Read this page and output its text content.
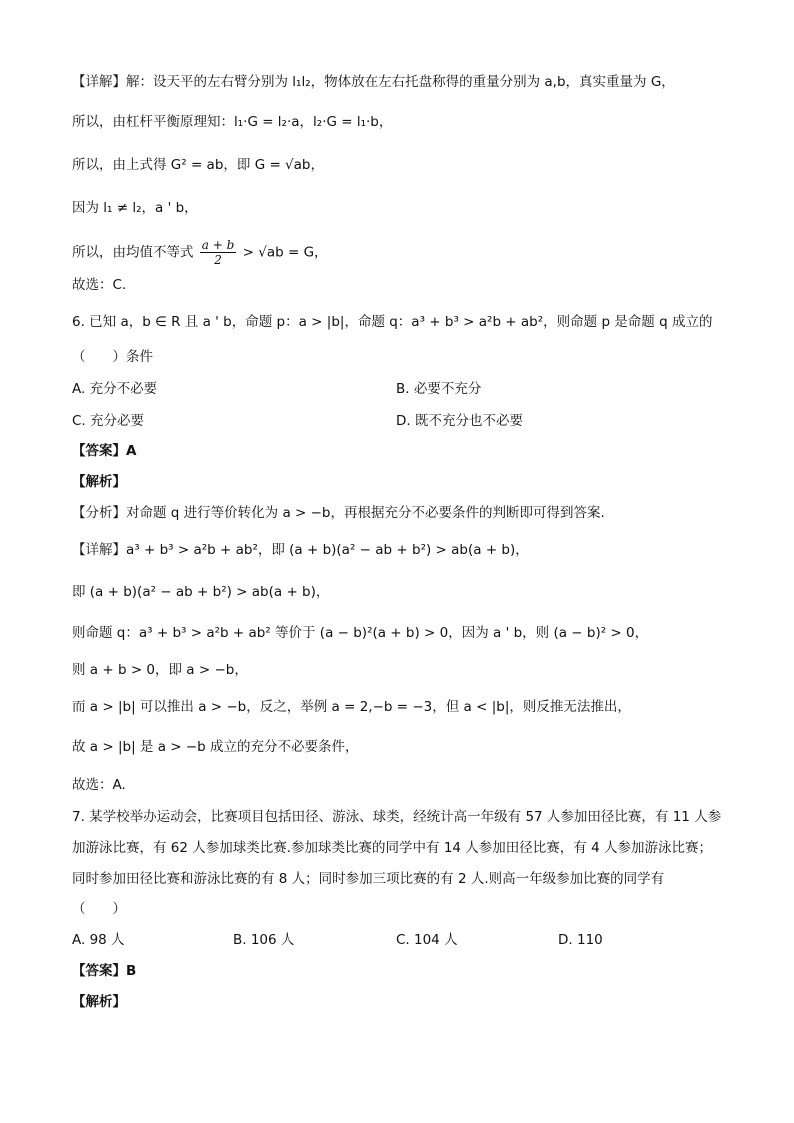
【详解】解：设天平的左右臂分别为 l₁l₂，物体放在左右托盘称得的重量分别为 a,b，真实重量为 G，
所以，由杠杆平衡原理知：l₁·G = l₂·a，l₂·G = l₁·b，
所以，由上式得 G² = ab，即 G = √ab，
因为 l₁ ≠ l₂，a ' b，
所以，由均值不等式 $\frac{a + b}{2} > √ab = G$，
故选：C.
6. 已知 a，b ∈ R 且 a ' b，命题 p：a > |b|，命题 q：a³ + b³ > a²b + ab²，则命题 p 是命题 q 成立的
（　　）条件
A. 充分不必要	B. 必要不充分
C. 充分必要	D. 既不充分也不必要
【答案】A
【解析】
【分析】对命题 q 进行等价转化为 a > −b，再根据充分不必要条件的判断即可得到答案.
【详解】a³ + b³ > a²b + ab²，即 (a + b)(a² − ab + b²) > ab(a + b)，
即 (a + b)(a² − ab + b²) > ab(a + b)，
则命题 q：a³ + b³ > a²b + ab² 等价于 (a − b)²(a + b) > 0，因为 a ' b，则 (a − b)² > 0，
则 a + b > 0，即 a > −b，
而 a > |b| 可以推出 a > −b，反之，举例 a = 2,−b = −3，但 a < |b|，则反推无法推出，
故 a > |b| 是 a > −b 成立的充分不必要条件，
故选：A.
7. 某学校举办运动会，比赛项目包括田径、游泳、球类，经统计高一年级有 57 人参加田径比赛，有 11 人参
加游泳比赛，有 62 人参加球类比赛.参加球类比赛的同学中有 14 人参加田径比赛，有 4 人参加游泳比赛；
同时参加田径比赛和游泳比赛的有 8 人；同时参加三项比赛的有 2 人.则高一年级参加比赛的同学有
（　　）
A. 98 人	B. 106 人	C. 104 人	D. 110
【答案】B
【解析】
